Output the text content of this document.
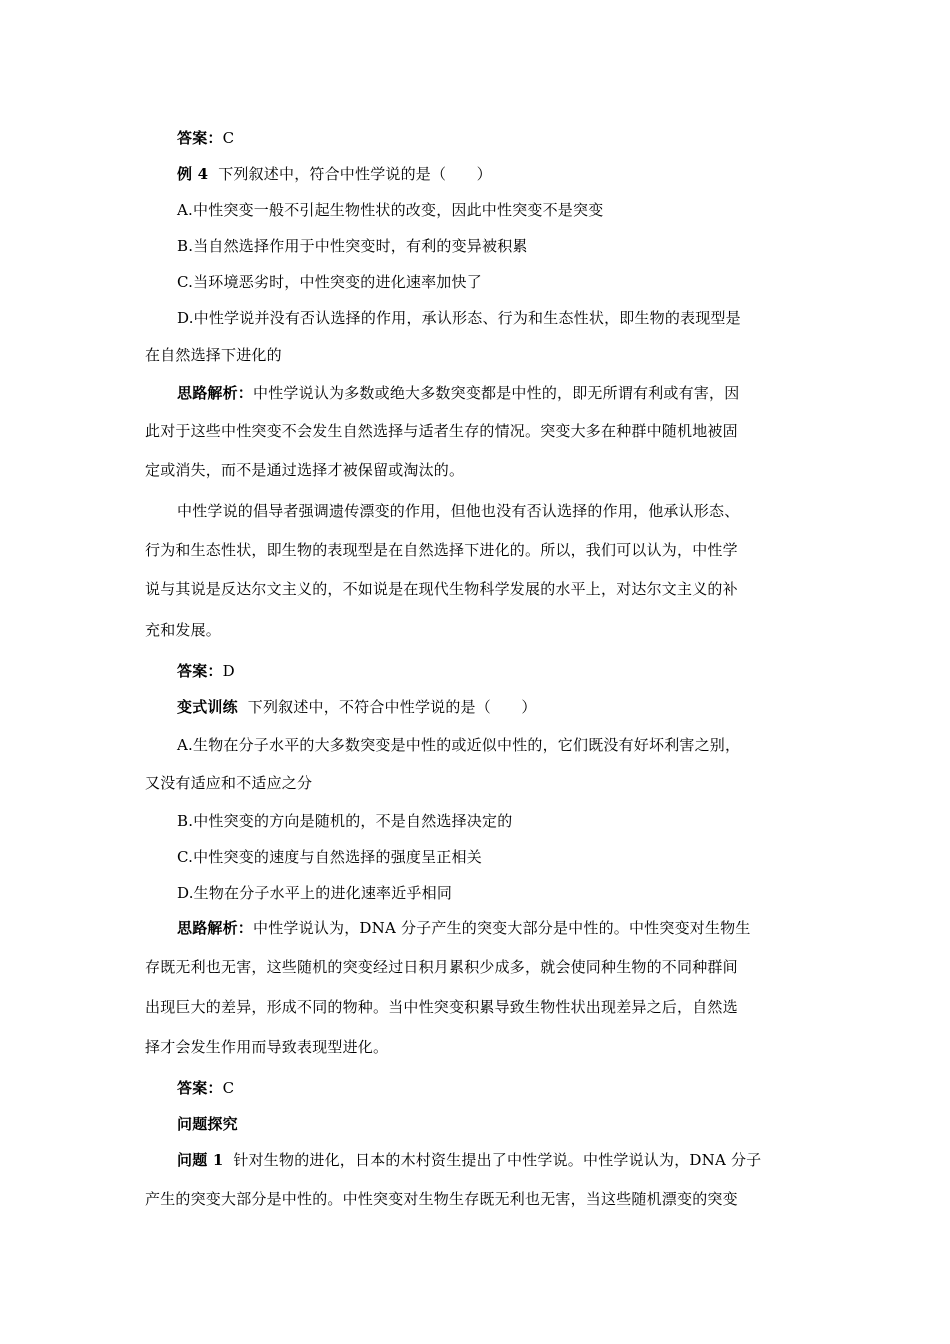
答案：C
例 4 下列叙述中，符合中性学说的是（　　）
A.中性突变一般不引起生物性状的改变，因此中性突变不是突变
B.当自然选择作用于中性突变时，有利的变异被积累
C.当环境恶劣时，中性突变的进化速率加快了
D.中性学说并没有否认选择的作用，承认形态、行为和生态性状，即生物的表现型是
在自然选择下进化的
思路解析：中性学说认为多数或绝大多数突变都是中性的，即无所谓有利或有害，因
此对于这些中性突变不会发生自然选择与适者生存的情况。突变大多在种群中随机地被固
定或消失，而不是通过选择才被保留或淘汰的。
中性学说的倡导者强调遗传漂变的作用，但他也没有否认选择的作用，他承认形态、
行为和生态性状，即生物的表现型是在自然选择下进化的。所以，我们可以认为，中性学
说与其说是反达尔文主义的，不如说是在现代生物科学发展的水平上，对达尔文主义的补
充和发展。
答案：D
变式训练 下列叙述中，不符合中性学说的是（　　）
A.生物在分子水平的大多数突变是中性的或近似中性的，它们既没有好坏利害之别，
又没有适应和不适应之分
B.中性突变的方向是随机的，不是自然选择决定的
C.中性突变的速度与自然选择的强度呈正相关
D.生物在分子水平上的进化速率近乎相同
思路解析：中性学说认为，DNA 分子产生的突变大部分是中性的。中性突变对生物生
存既无利也无害，这些随机的突变经过日积月累积少成多，就会使同种生物的不同种群间
出现巨大的差异，形成不同的物种。当中性突变积累导致生物性状出现差异之后，自然选
择才会发生作用而导致表现型进化。
答案：C
问题探究
问题 1 针对生物的进化，日本的木村资生提出了中性学说。中性学说认为，DNA 分子
产生的突变大部分是中性的。中性突变对生物生存既无利也无害，当这些随机漂变的突变
